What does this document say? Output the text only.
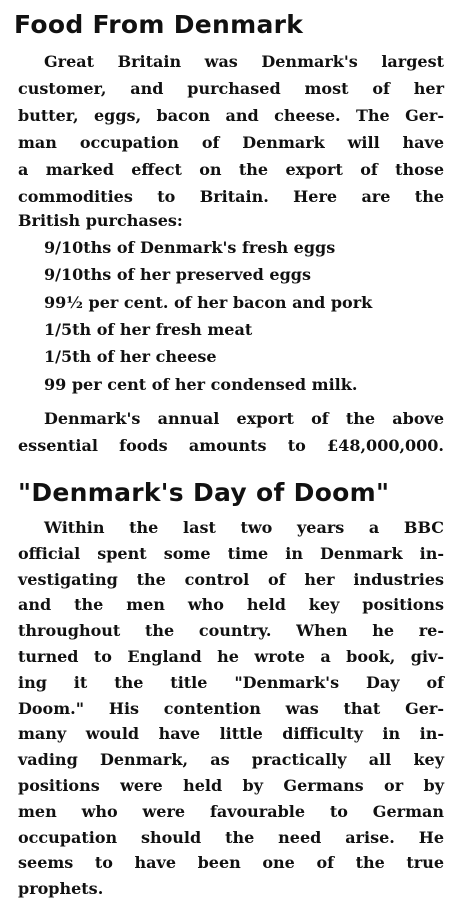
Food From Denmark
Great Britain was Denmark's largest
customer, and purchased most of her
butter, eggs, bacon and cheese. The Ger-
man occupation of Denmark will have
a marked effect on the export of those
commodities to Britain. Here are the
British purchases:
9/10ths of Denmark's fresh eggs
9/10ths of her preserved eggs
99½ per cent. of her bacon and pork
1/5th of her fresh meat
1/5th of her cheese
99 per cent of her condensed milk.
Denmark's annual export of the above
essential foods amounts to £48,000,000.
"Denmark's Day of Doom"
Within the last two years a BBC
official spent some time in Denmark in-
vestigating the control of her industries
and the men who held key positions
throughout the country. When he re-
turned to England he wrote a book, giv-
ing it the title "Denmark's Day of
Doom." His contention was that Ger-
many would have little difficulty in in-
vading Denmark, as practically all key
positions were held by Germans or by
men who were favourable to German
occupation should the need arise. He
seems to have been one of the true
prophets.
